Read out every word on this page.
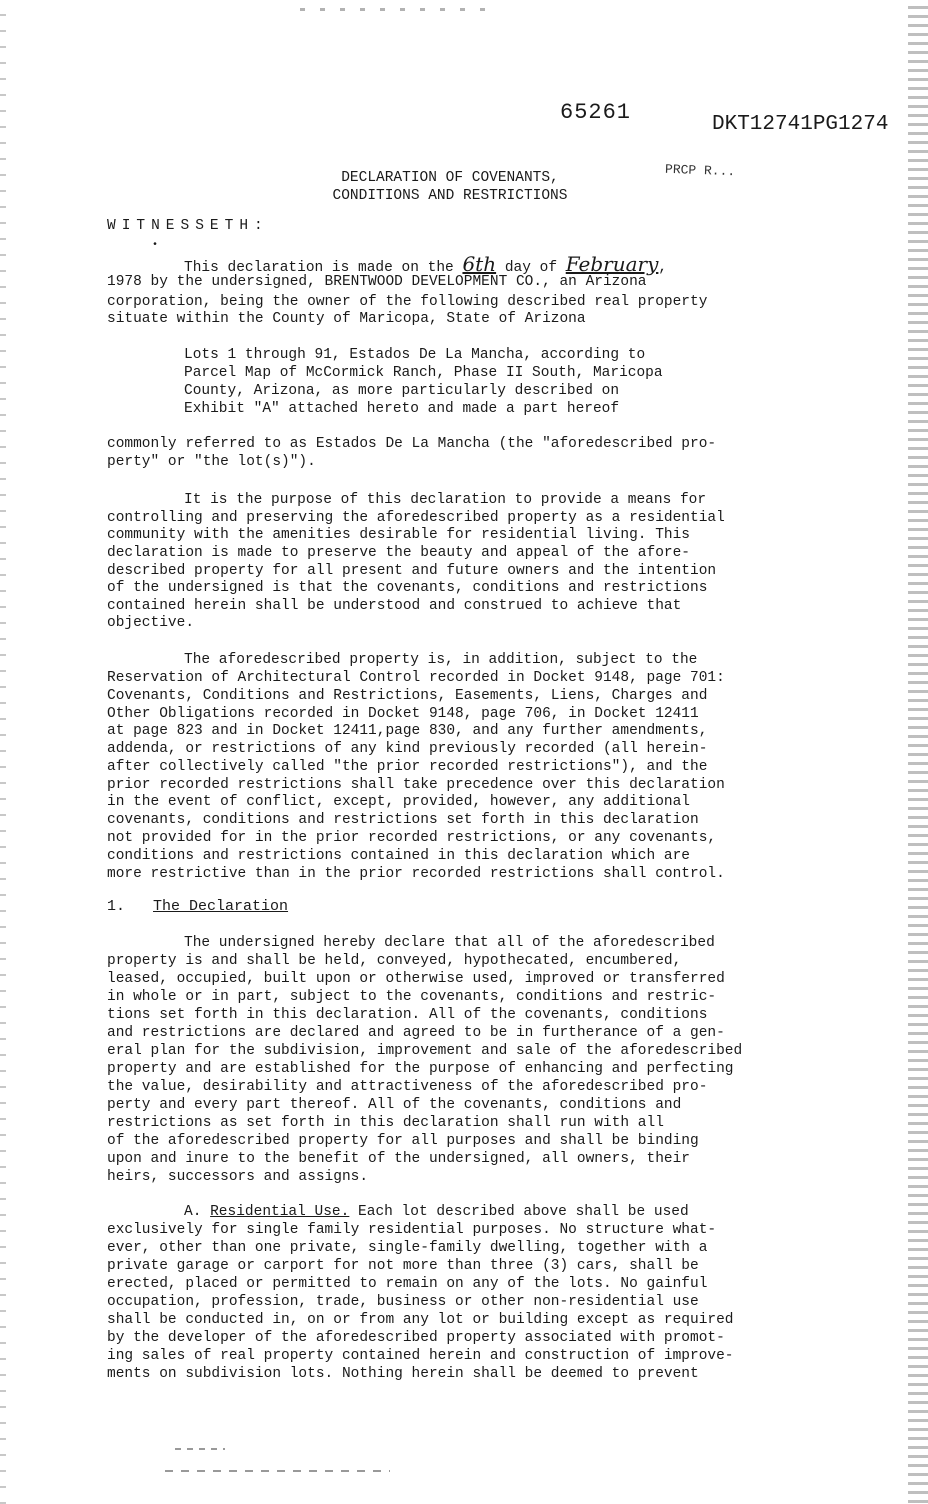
65261	DKT12741PG1274
PRCP R...
DECLARATION OF COVENANTS,
CONDITIONS AND RESTRICTIONS
WITNESSETH:
•
This declaration is made on the 6th day of February,
1978 by the undersigned, BRENTWOOD DEVELOPMENT CO., an Arizona
corporation, being the owner of the following described real property
situate within the County of Maricopa, State of Arizona
Lots 1 through 91, Estados De La Mancha, according to
Parcel Map of McCormick Ranch, Phase II South, Maricopa
County, Arizona, as more particularly described on
Exhibit "A" attached hereto and made a part hereof
commonly referred to as Estados De La Mancha (the "aforedescribed pro-
perty" or "the lot(s)").
It is the purpose of this declaration to provide a means for
controlling and preserving the aforedescribed property as a residential
community with the amenities desirable for residential living. This
declaration is made to preserve the beauty and appeal of the afore-
described property for all present and future owners and the intention
of the undersigned is that the covenants, conditions and restrictions
contained herein shall be understood and construed to achieve that
objective.
The aforedescribed property is, in addition, subject to the
Reservation of Architectural Control recorded in Docket 9148, page 701:
Covenants, Conditions and Restrictions, Easements, Liens, Charges and
Other Obligations recorded in Docket 9148, page 706, in Docket 12411
at page 823 and in Docket 12411,page 830, and any further amendments,
addenda, or restrictions of any kind previously recorded (all herein-
after collectively called "the prior recorded restrictions"), and the
prior recorded restrictions shall take precedence over this declaration
in the event of conflict, except, provided, however, any additional
covenants, conditions and restrictions set forth in this declaration
not provided for in the prior recorded restrictions, or any covenants,
conditions and restrictions contained in this declaration which are
more restrictive than in the prior recorded restrictions shall control.
1. The Declaration
The undersigned hereby declare that all of the aforedescribed
property is and shall be held, conveyed, hypothecated, encumbered,
leased, occupied, built upon or otherwise used, improved or transferred
in whole or in part, subject to the covenants, conditions and restric-
tions set forth in this declaration. All of the covenants, conditions
and restrictions are declared and agreed to be in furtherance of a gen-
eral plan for the subdivision, improvement and sale of the aforedescribed
property and are established for the purpose of enhancing and perfecting
the value, desirability and attractiveness of the aforedescribed pro-
perty and every part thereof. All of the covenants, conditions and
restrictions as set forth in this declaration shall run with all
of the aforedescribed property for all purposes and shall be binding
upon and inure to the benefit of the undersigned, all owners, their
heirs, successors and assigns.
A. Residential Use. Each lot described above shall be used
exclusively for single family residential purposes. No structure what-
ever, other than one private, single-family dwelling, together with a
private garage or carport for not more than three (3) cars, shall be
erected, placed or permitted to remain on any of the lots. No gainful
occupation, profession, trade, business or other non-residential use
shall be conducted in, on or from any lot or building except as required
by the developer of the aforedescribed property associated with promot-
ing sales of real property contained herein and construction of improve-
ments on subdivision lots. Nothing herein shall be deemed to prevent
